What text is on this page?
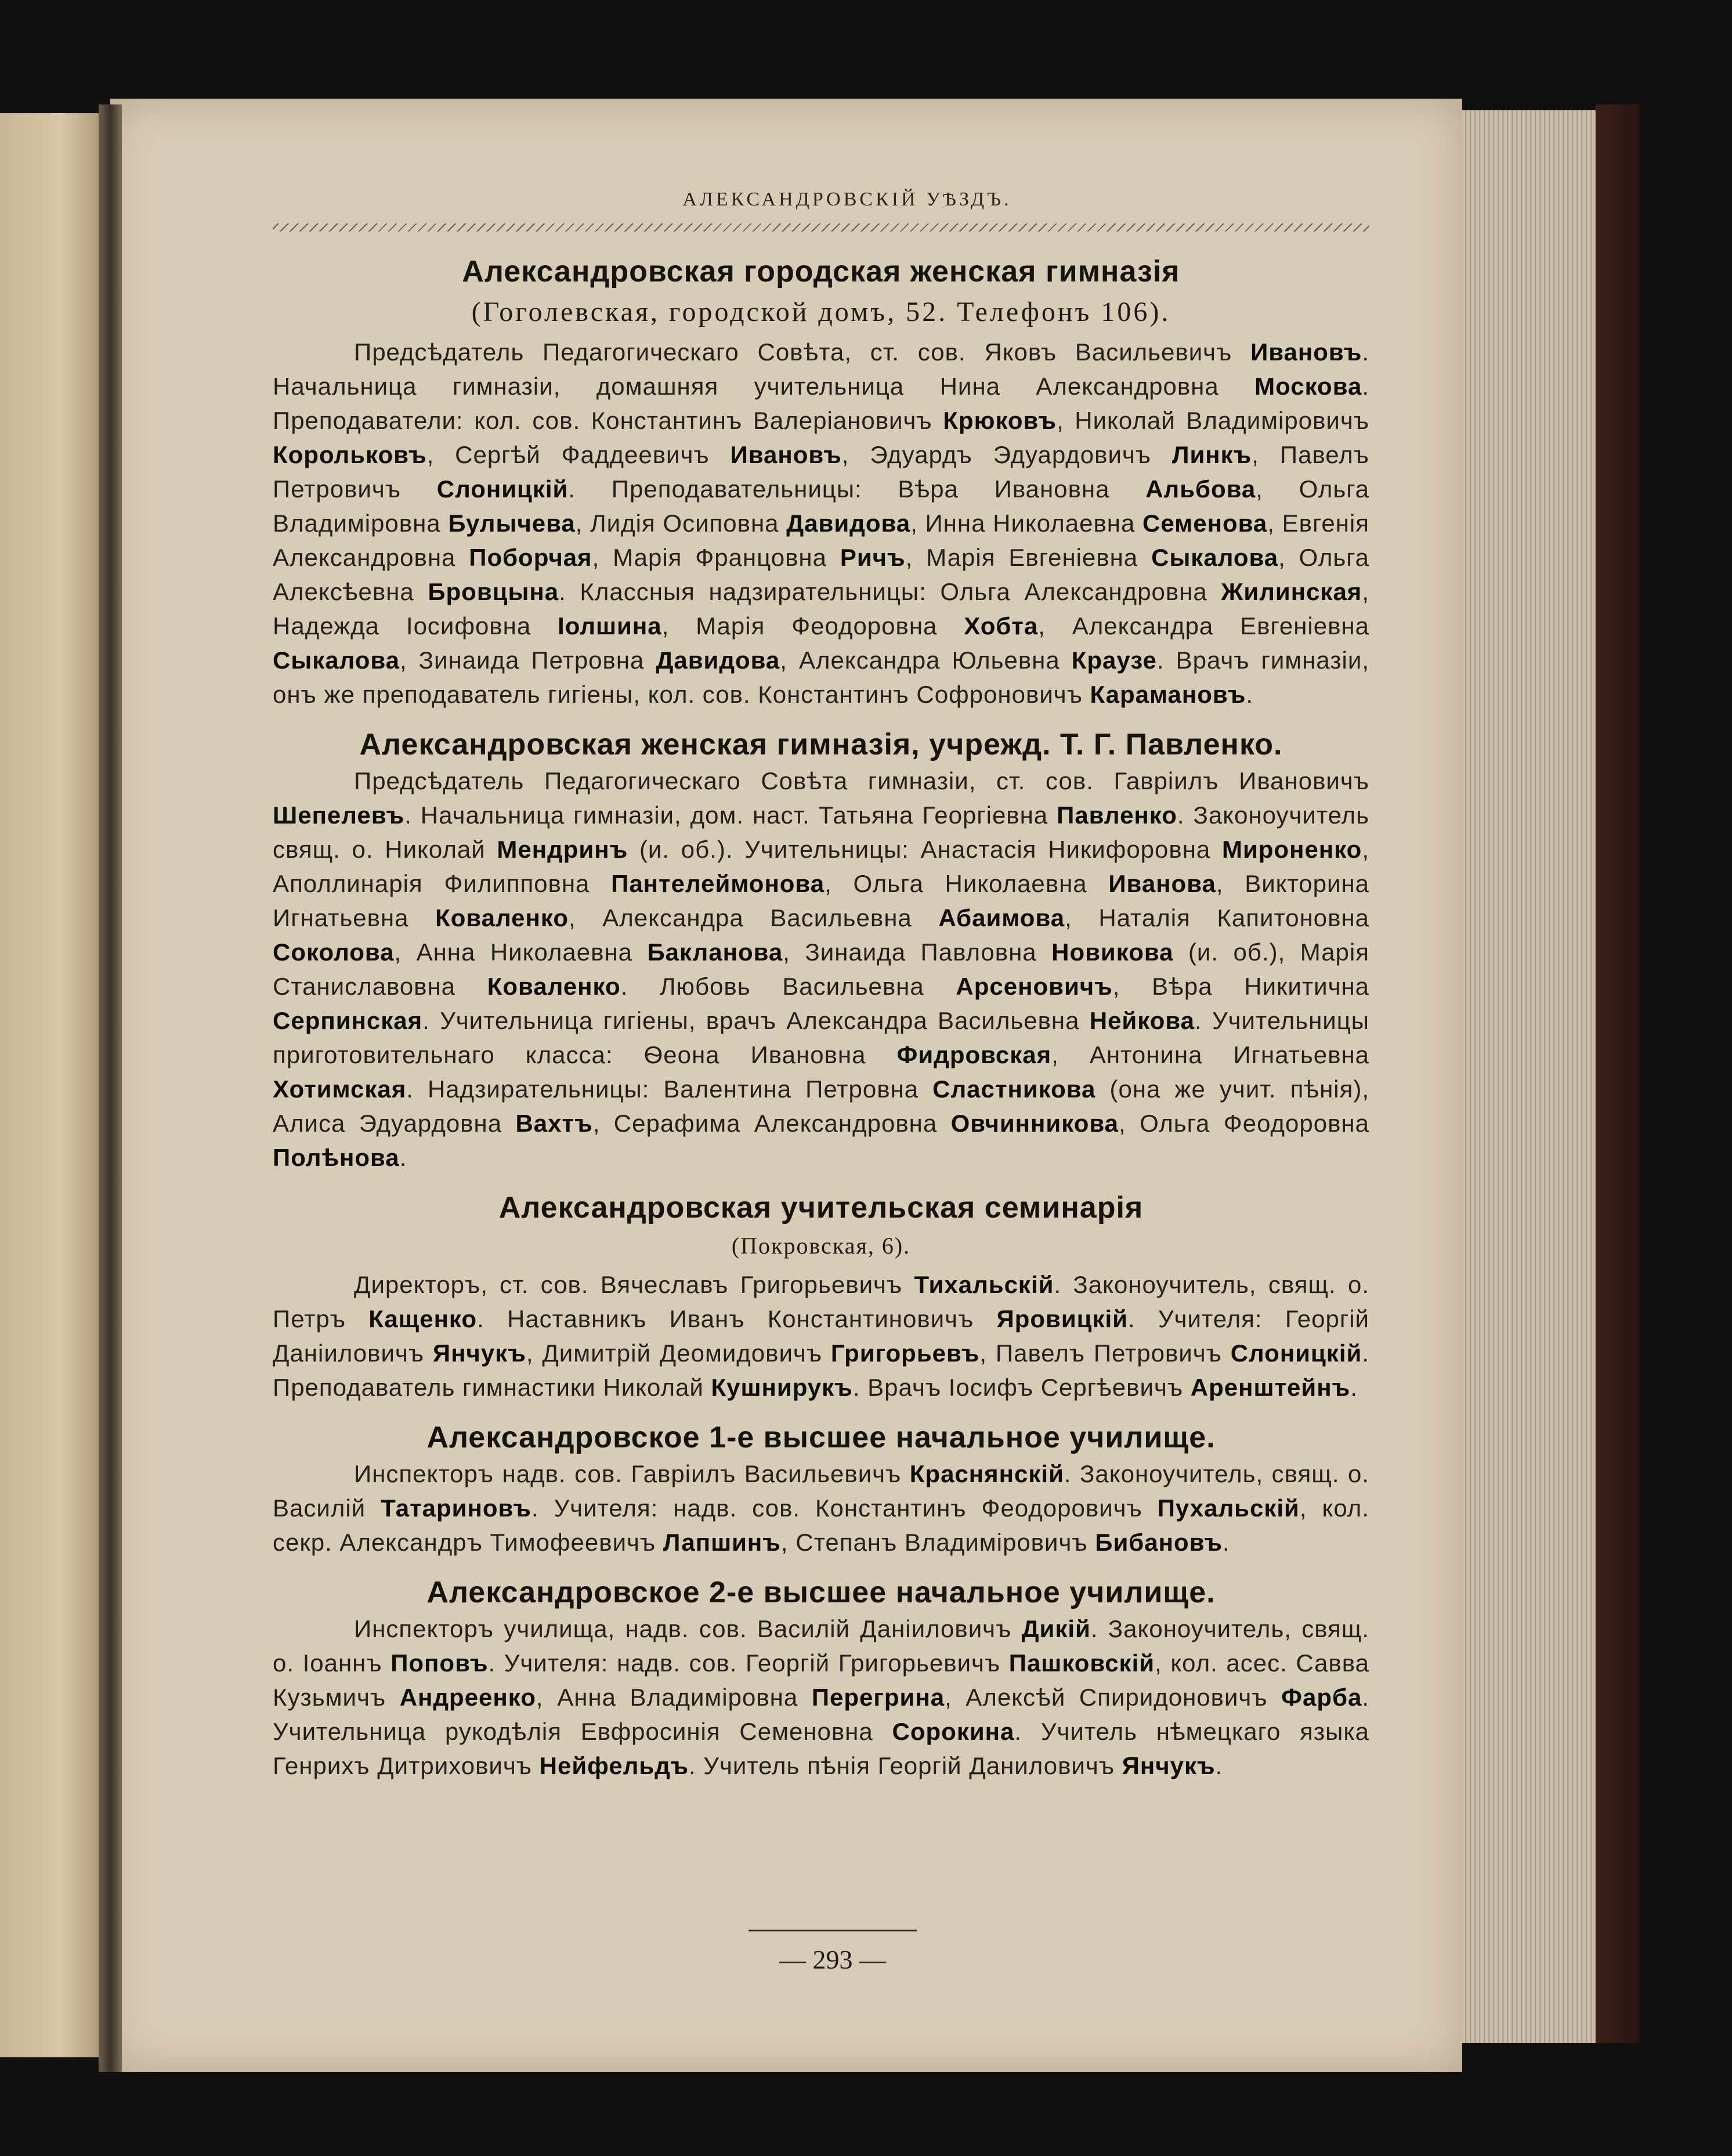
АЛЕКСАНДРОВСКІЙ УѢЗДЪ.
Александровская городская женская гимназія
(Гоголевская, городской домъ, 52. Телефонъ 106).

Предсѣдатель Педагогическаго Совѣта, ст. сов. Яковъ Васильевичъ Ивановъ. Начальница гимназіи, домашняя учительница Нина Александровна Москова. Преподаватели: кол. сов. Константинъ Валеріановичъ Крюковъ, Николай Владиміровичъ Корольковъ, Сергѣй Фаддеевичъ Ивановъ, Эдуардъ Эдуардовичъ Линкъ, Павелъ Петровичъ Слоницкій. Преподавательницы: Вѣра Ивановна Альбова, Ольга Владиміровна Булычева, Лидія Осиповна Давидова, Инна Николаевна Семенова, Евгенія Александровна Поборчая, Марія Францовна Ричъ, Марія Евгеніевна Сыкалова, Ольга Алексѣевна Бровцына. Классныя надзирательницы: Ольга Александровна Жилинская, Надежда Іосифовна Іолшина, Марія Феодоровна Хобта, Александра Евгеніевна Сыкалова, Зинаида Петровна Давидова, Александра Юльевна Краузе. Врачъ гимназіи, онъ же преподаватель гигіены, кол. сов. Константинъ Софроновичъ Карамановъ.

Александровская женская гимназія, учрежд. Т. Г. Павленко.

Предсѣдатель Педагогическаго Совѣта гимназіи, ст. сов. Гавріилъ Ивановичъ Шепелевъ. Начальница гимназіи, дом. наст. Татьяна Георгіевна Павленко. Законоучитель свящ. о. Николай Мендринъ (и. об.). Учительницы: Анастасія Никифоровна Мироненко, Аполлинарія Филипповна Пантелеймонова, Ольга Николаевна Иванова, Викторина Игнатьевна Коваленко, Александра Васильевна Абаимова, Наталія Капитоновна Соколова, Анна Николаевна Бакланова, Зинаида Павловна Новикова (и. об.), Марія Станиславовна Коваленко. Любовь Васильевна Арсеновичъ, Вѣра Никитична Серпинская. Учительница гигіены, врачъ Александра Васильевна Нейкова. Учительницы приготовительнаго класса: Ѳеона Ивановна Фидровская, Антонина Игнатьевна Хотимская. Надзирательницы: Валентина Петровна Сластникова (она же учит. пѣнія), Алиса Эдуардовна Вахтъ, Серафима Александровна Овчинникова, Ольга Феодоровна Полѣнова.

Александровская учительская семинарія
(Покровская, 6).

Директоръ, ст. сов. Вячеславъ Григорьевичъ Тихальскій. Законоучитель, свящ. о. Петръ Кащенко. Наставникъ Иванъ Константиновичъ Яровицкій. Учителя: Георгій Даніиловичъ Янчукъ, Димитрій Деомидовичъ Григорьевъ, Павелъ Петровичъ Слоницкій. Преподаватель гимнастики Николай Кушнирукъ. Врачъ Іосифъ Сергѣевичъ Аренштейнъ.

Александровское 1-е высшее начальное училище.

Инспекторъ надв. сов. Гавріилъ Васильевичъ Краснянскій. Законоучитель, свящ. о. Василій Татариновъ. Учителя: надв. сов. Константинъ Феодоровичъ Пухальскій, кол. секр. Александръ Тимофеевичъ Лапшинъ, Степанъ Владиміровичъ Бибановъ.

Александровское 2-е высшее начальное училище.

Инспекторъ училища, надв. сов. Василій Даніиловичъ Дикій. Законоучитель, свящ. о. Іоаннъ Поповъ. Учителя: надв. сов. Георгій Григорьевичъ Пашковскій, кол. асес. Савва Кузьмичъ Андреенко, Анна Владиміровна Перегрина, Алексѣй Спиридоновичъ Фарба. Учительница рукодѣлія Евфросинія Семеновна Сорокина. Учитель нѣмецкаго языка Генрихъ Дитриховичъ Нейфельдъ. Учитель пѣнія Георгій Даниловичъ Янчукъ.

— 293 —
